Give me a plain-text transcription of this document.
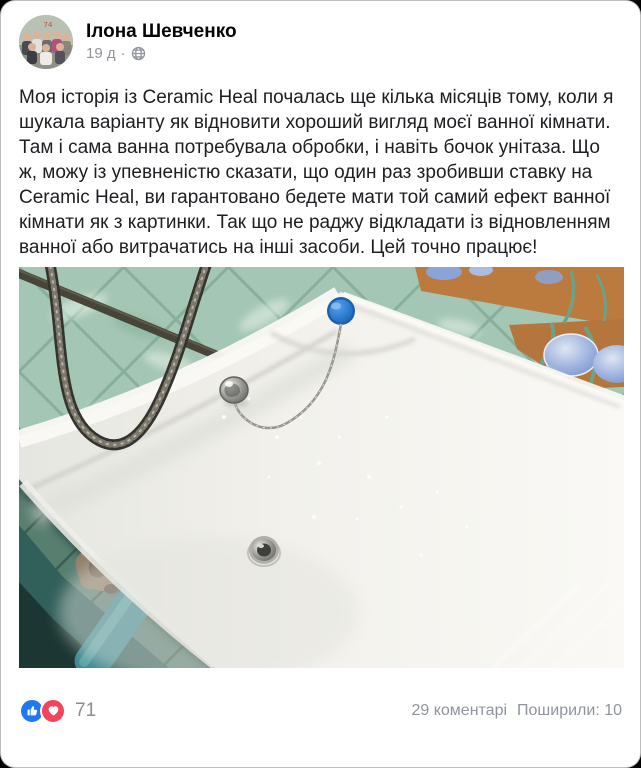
74 Ілона Шевченко
19 д ·
Моя історія із Ceramic Heal почалась ще кілька місяців тому, коли я шукала варіанту як відновити хороший вигляд моєї ванної кімнати. Там і сама ванна потребувала обробки, і навіть бочок унітаза. Що ж, можу із упевненістю сказати, що один раз зробивши ставку на Ceramic Heal, ви гарантовано бедете мати той самий ефект ванної кімнати як з картинки. Так що не раджу відкладати із відновленням ванної або витрачатись на інші засоби. Цей точно працює!
71	29 коментарі Поширили: 10
